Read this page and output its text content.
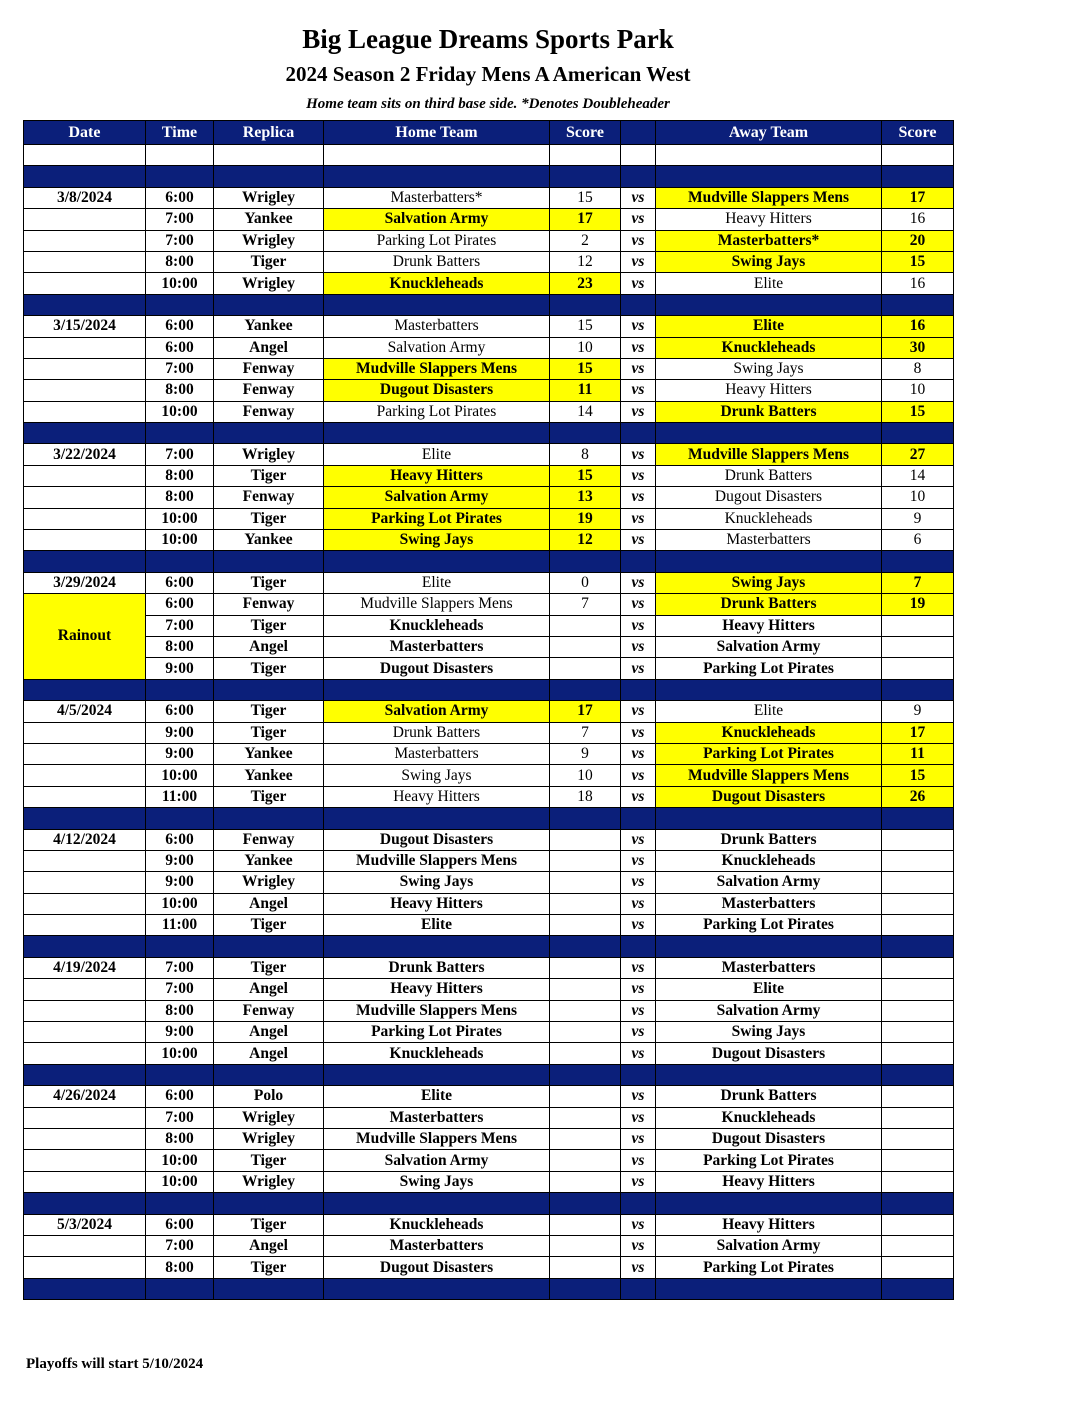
Big League Dreams Sports Park
2024 Season 2 Friday Mens A American West
Home team sits on third base side. *Denotes Doubleheader
Date	Time	Replica	Home Team	Score		Away Team	Score

3/8/2024	6:00	Wrigley	Masterbatters*	15	vs	Mudville Slappers Mens	17
	7:00	Yankee	Salvation Army	17	vs	Heavy Hitters	16
	7:00	Wrigley	Parking Lot Pirates	2	vs	Masterbatters*	20
	8:00	Tiger	Drunk Batters	12	vs	Swing Jays	15
	10:00	Wrigley	Knuckleheads	23	vs	Elite	16

3/15/2024	6:00	Yankee	Masterbatters	15	vs	Elite	16
	6:00	Angel	Salvation Army	10	vs	Knuckleheads	30
	7:00	Fenway	Mudville Slappers Mens	15	vs	Swing Jays	8
	8:00	Fenway	Dugout Disasters	11	vs	Heavy Hitters	10
	10:00	Fenway	Parking Lot Pirates	14	vs	Drunk Batters	15

3/22/2024	7:00	Wrigley	Elite	8	vs	Mudville Slappers Mens	27
	8:00	Tiger	Heavy Hitters	15	vs	Drunk Batters	14
	8:00	Fenway	Salvation Army	13	vs	Dugout Disasters	10
	10:00	Tiger	Parking Lot Pirates	19	vs	Knuckleheads	9
	10:00	Yankee	Swing Jays	12	vs	Masterbatters	6

3/29/2024	6:00	Tiger	Elite	0	vs	Swing Jays	7
Rainout	6:00	Fenway	Mudville Slappers Mens	7	vs	Drunk Batters	19
	7:00	Tiger	Knuckleheads		vs	Heavy Hitters	
	8:00	Angel	Masterbatters		vs	Salvation Army	
	9:00	Tiger	Dugout Disasters		vs	Parking Lot Pirates	

4/5/2024	6:00	Tiger	Salvation Army	17	vs	Elite	9
	9:00	Tiger	Drunk Batters	7	vs	Knuckleheads	17
	9:00	Yankee	Masterbatters	9	vs	Parking Lot Pirates	11
	10:00	Yankee	Swing Jays	10	vs	Mudville Slappers Mens	15
	11:00	Tiger	Heavy Hitters	18	vs	Dugout Disasters	26

4/12/2024	6:00	Fenway	Dugout Disasters		vs	Drunk Batters	
	9:00	Yankee	Mudville Slappers Mens		vs	Knuckleheads	
	9:00	Wrigley	Swing Jays		vs	Salvation Army	
	10:00	Angel	Heavy Hitters		vs	Masterbatters	
	11:00	Tiger	Elite		vs	Parking Lot Pirates	

4/19/2024	7:00	Tiger	Drunk Batters		vs	Masterbatters	
	7:00	Angel	Heavy Hitters		vs	Elite	
	8:00	Fenway	Mudville Slappers Mens		vs	Salvation Army	
	9:00	Angel	Parking Lot Pirates		vs	Swing Jays	
	10:00	Angel	Knuckleheads		vs	Dugout Disasters	

4/26/2024	6:00	Polo	Elite		vs	Drunk Batters	
	7:00	Wrigley	Masterbatters		vs	Knuckleheads	
	8:00	Wrigley	Mudville Slappers Mens		vs	Dugout Disasters	
	10:00	Tiger	Salvation Army		vs	Parking Lot Pirates	
	10:00	Wrigley	Swing Jays		vs	Heavy Hitters	

5/3/2024	6:00	Tiger	Knuckleheads		vs	Heavy Hitters	
	7:00	Angel	Masterbatters		vs	Salvation Army	
	8:00	Tiger	Dugout Disasters		vs	Parking Lot Pirates	

Playoffs will start 5/10/2024
